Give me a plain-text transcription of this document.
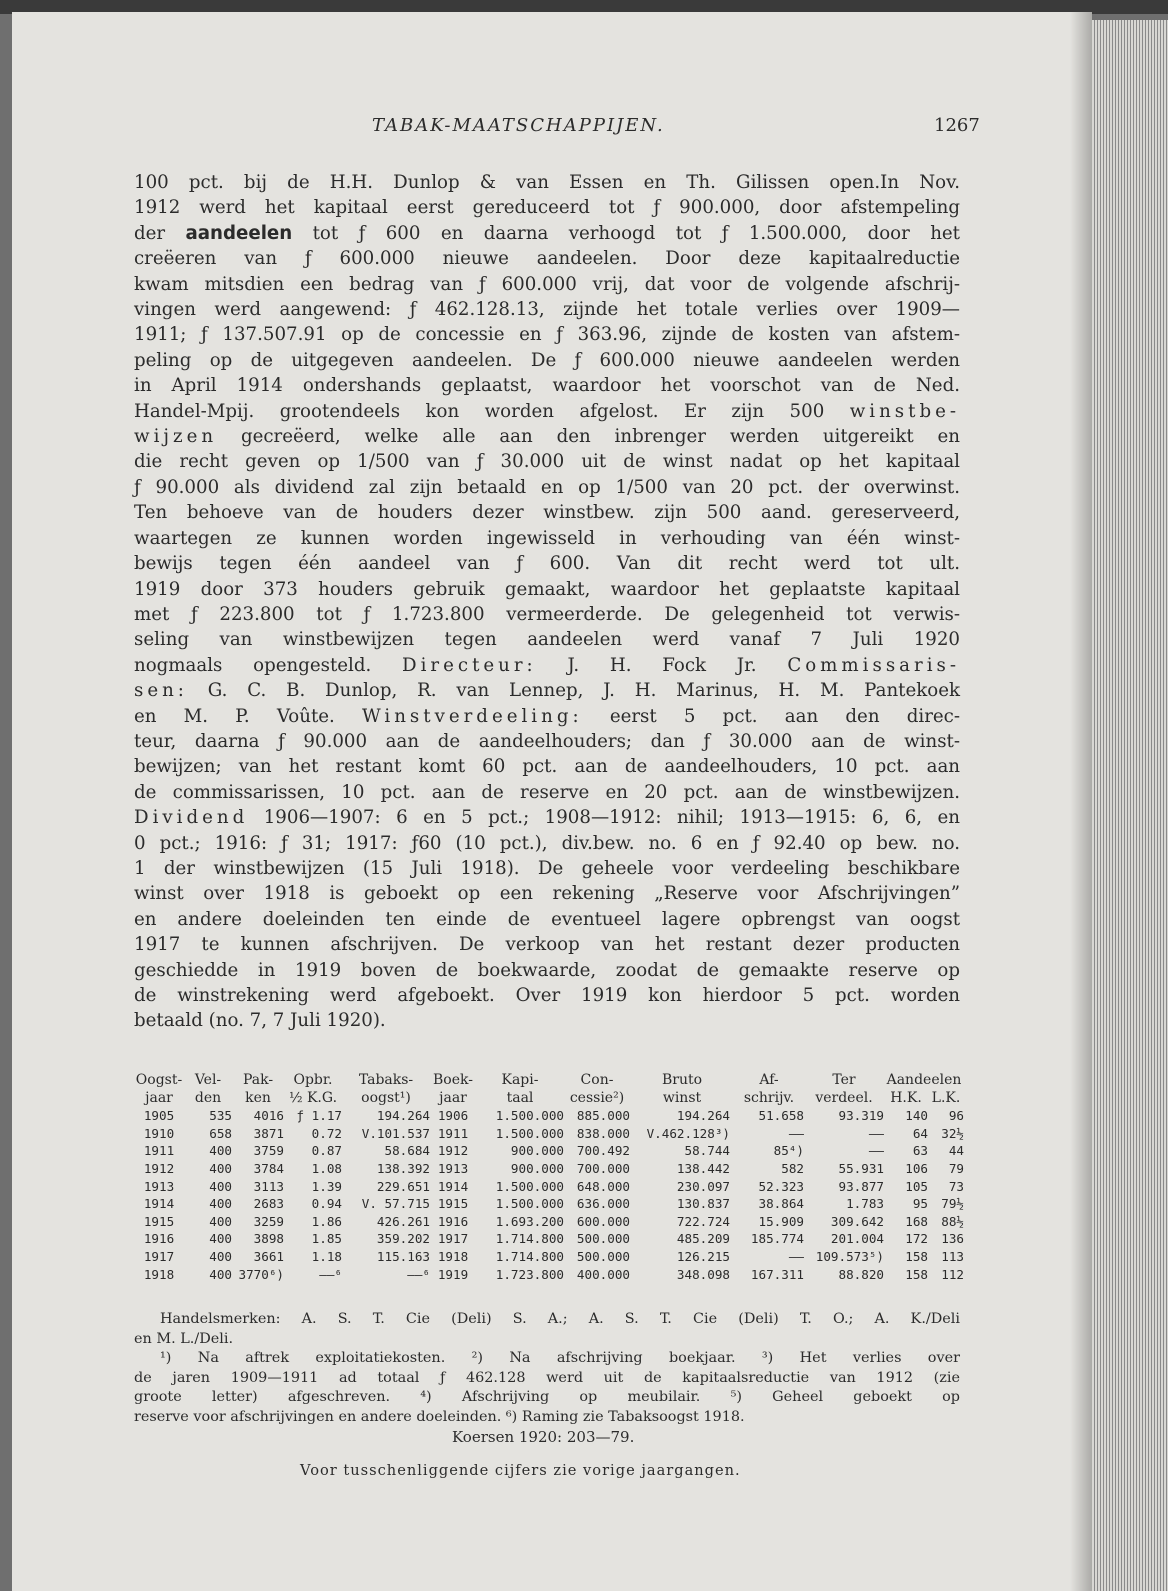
TABAK-MAATSCHAPPIJEN.	1267
100 pct. bij de H.H. Dunlop & van Essen en Th. Gilissen open.In Nov.
1912 werd het kapitaal eerst gereduceerd tot ƒ 900.000, door afstempeling
der aandeelen tot ƒ 600 en daarna verhoogd tot ƒ 1.500.000, door het
creëeren van ƒ 600.000 nieuwe aandeelen. Door deze kapitaalreductie
kwam mitsdien een bedrag van ƒ 600.000 vrij, dat voor de volgende afschrij-
vingen werd aangewend: ƒ 462.128.13, zijnde het totale verlies over 1909—
1911; ƒ 137.507.91 op de concessie en ƒ 363.96, zijnde de kosten van afstem-
peling op de uitgegeven aandeelen. De ƒ 600.000 nieuwe aandeelen werden
in April 1914 ondershands geplaatst, waardoor het voorschot van de Ned.
Handel-Mpij. grootendeels kon worden afgelost. Er zijn 500 winstbe-
wijzen gecreëerd, welke alle aan den inbrenger werden uitgereikt en
die recht geven op 1/500 van ƒ 30.000 uit de winst nadat op het kapitaal
ƒ 90.000 als dividend zal zijn betaald en op 1/500 van 20 pct. der overwinst.
Ten behoeve van de houders dezer winstbew. zijn 500 aand. gereserveerd,
waartegen ze kunnen worden ingewisseld in verhouding van één winst-
bewijs tegen één aandeel van ƒ 600. Van dit recht werd tot ult.
1919 door 373 houders gebruik gemaakt, waardoor het geplaatste kapitaal
met ƒ 223.800 tot ƒ 1.723.800 vermeerderde. De gelegenheid tot verwis-
seling van winstbewijzen tegen aandeelen werd vanaf 7 Juli 1920
nogmaals opengesteld. Directeur: J. H. Fock Jr. Commissaris-
sen: G. C. B. Dunlop, R. van Lennep, J. H. Marinus, H. M. Pantekoek
en M. P. Voûte. Winstverdeeling: eerst 5 pct. aan den direc-
teur, daarna ƒ 90.000 aan de aandeelhouders; dan ƒ 30.000 aan de winst-
bewijzen; van het restant komt 60 pct. aan de aandeelhouders, 10 pct. aan
de commissarissen, 10 pct. aan de reserve en 20 pct. aan de winstbewijzen.
Dividend 1906—1907: 6 en 5 pct.; 1908—1912: nihil; 1913—1915: 6, 6, en
0 pct.; 1916: ƒ 31; 1917: ƒ60 (10 pct.), div.bew. no. 6 en ƒ 92.40 op bew. no.
1 der winstbewijzen (15 Juli 1918). De geheele voor verdeeling beschikbare
winst over 1918 is geboekt op een rekening „Reserve voor Afschrijvingen”
en andere doeleinden ten einde de eventueel lagere opbrengst van oogst
1917 te kunnen afschrijven. De verkoop van het restant dezer producten
geschiedde in 1919 boven de boekwaarde, zoodat de gemaakte reserve op
de winstrekening werd afgeboekt. Over 1919 kon hierdoor 5 pct. worden
betaald (no. 7, 7 Juli 1920).
Oogst-	Vel-	Pak-	Opbr.	Tabaks-	Boek-	Kapi-	Con-	Bruto	Af-	Ter	Aandeelen	
jaar	den	ken	½ K.G.	oogst¹)	jaar	taal	cessie²)	winst	schrijv.	verdeel.	H.K.	L.K.
1905	535	4016	ƒ 1.17	194.264	1906	1.500.000	885.000	194.264	51.658	93.319	140	96
1910	658	3871	0.72	V.101.537	1911	1.500.000	838.000	V.462.128³)	——	——	64	32½
1911	400	3759	0.87	58.684	1912	900.000	700.492	58.744	85⁴)	——	63	44
1912	400	3784	1.08	138.392	1913	900.000	700.000	138.442	582	55.931	106	79
1913	400	3113	1.39	229.651	1914	1.500.000	648.000	230.097	52.323	93.877	105	73
1914	400	2683	0.94	V. 57.715	1915	1.500.000	636.000	130.837	38.864	1.783	95	79½
1915	400	3259	1.86	426.261	1916	1.693.200	600.000	722.724	15.909	309.642	168	88½
1916	400	3898	1.85	359.202	1917	1.714.800	500.000	485.209	185.774	201.004	172	136
1917	400	3661	1.18	115.163	1918	1.714.800	500.000	126.215	——	109.573⁵)	158	113
1918	400	3770⁶)	——⁶	——⁶	1919	1.723.800	400.000	348.098	167.311	88.820	158	112
Handelsmerken: A. S. T. Cie (Deli) S. A.; A. S. T. Cie (Deli) T. O.; A. K./Deli
en M. L./Deli.
¹) Na aftrek exploitatiekosten. ²) Na afschrijving boekjaar. ³) Het verlies over
de jaren 1909—1911 ad totaal ƒ 462.128 werd uit de kapitaalsreductie van 1912 (zie
groote letter) afgeschreven. ⁴) Afschrijving op meubilair. ⁵) Geheel geboekt op
reserve voor afschrijvingen en andere doeleinden. ⁶) Raming zie Tabaksoogst 1918.
Koersen 1920: 203—79.
Voor tusschenliggende cijfers zie vorige jaargangen.
